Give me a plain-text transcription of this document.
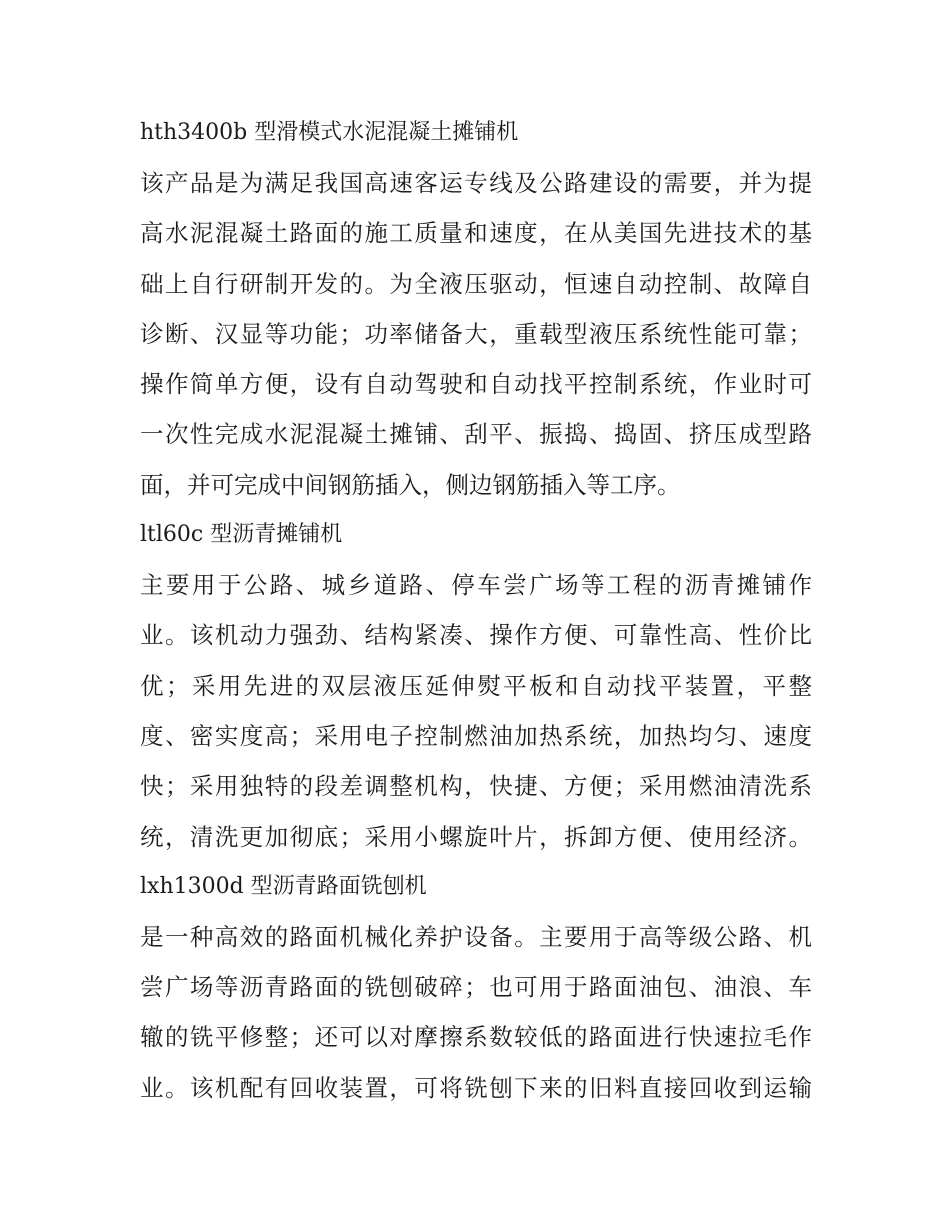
hth3400b 型滑模式水泥混凝土摊铺机
该产品是为满足我国高速客运专线及公路建设的需要，并为提
高水泥混凝土路面的施工质量和速度，在从美国先进技术的基
础上自行研制开发的。为全液压驱动，恒速自动控制、故障自
诊断、汉显等功能；功率储备大，重载型液压系统性能可靠；
操作简单方便，设有自动驾驶和自动找平控制系统，作业时可
一次性完成水泥混凝土摊铺、刮平、振捣、捣固、挤压成型路
面，并可完成中间钢筋插入，侧边钢筋插入等工序。
ltl60c 型沥青摊铺机
主要用于公路、城乡道路、停车尝广场等工程的沥青摊铺作
业。该机动力强劲、结构紧凑、操作方便、可靠性高、性价比
优；采用先进的双层液压延伸熨平板和自动找平装置，平整
度、密实度高；采用电子控制燃油加热系统，加热均匀、速度
快；采用独特的段差调整机构，快捷、方便；采用燃油清洗系
统，清洗更加彻底；采用小螺旋叶片，拆卸方便、使用经济。
lxh1300d 型沥青路面铣刨机
是一种高效的路面机械化养护设备。主要用于高等级公路、机
尝广场等沥青路面的铣刨破碎；也可用于路面油包、油浪、车
辙的铣平修整；还可以对摩擦系数较低的路面进行快速拉毛作
业。该机配有回收装置，可将铣刨下来的旧料直接回收到运输
